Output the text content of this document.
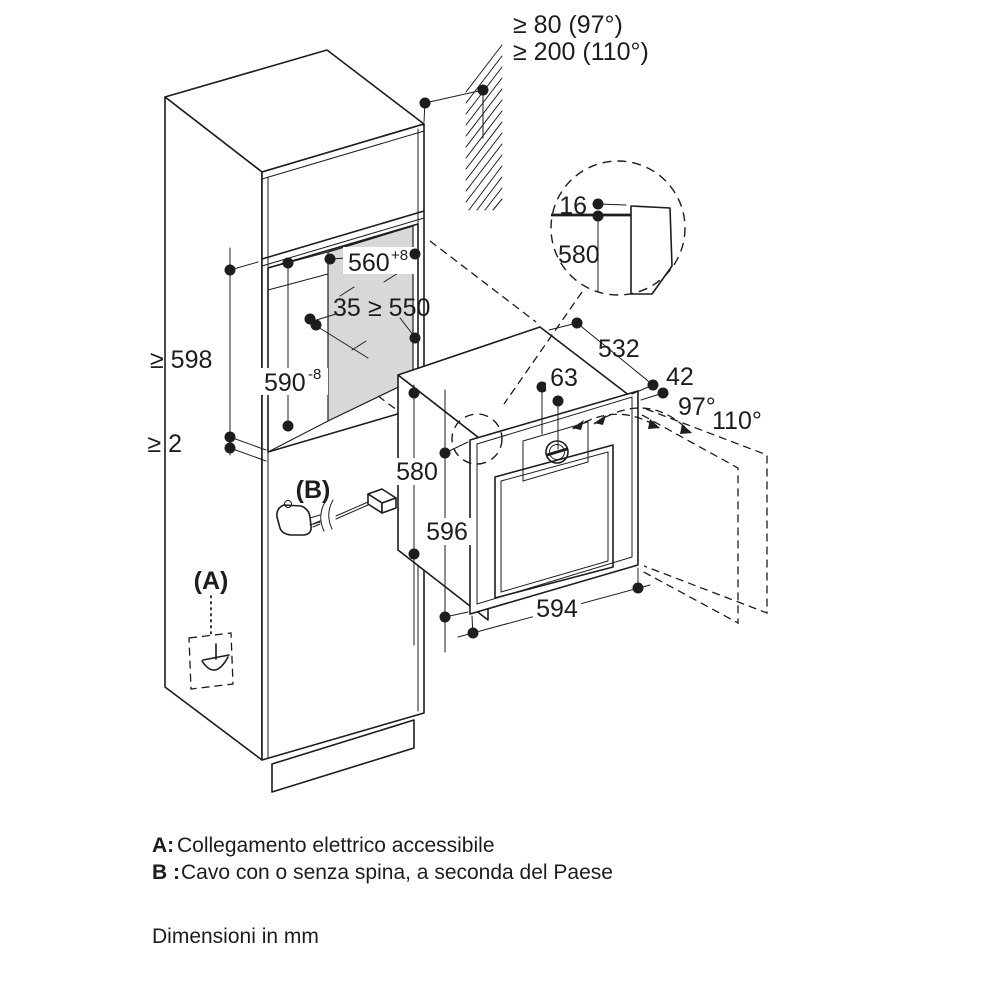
≥ 80 (97°)
≥ 200 (110°)
560 +8
35 ≥ 550
590 -8
≥ 598
≥ 2
16
580
532
42
63
580
596
594
97°
110°
(B)
(A)
A: Collegamento elettrico accessibile
B : Cavo con o senza spina, a seconda del Paese
Dimensioni in mm
